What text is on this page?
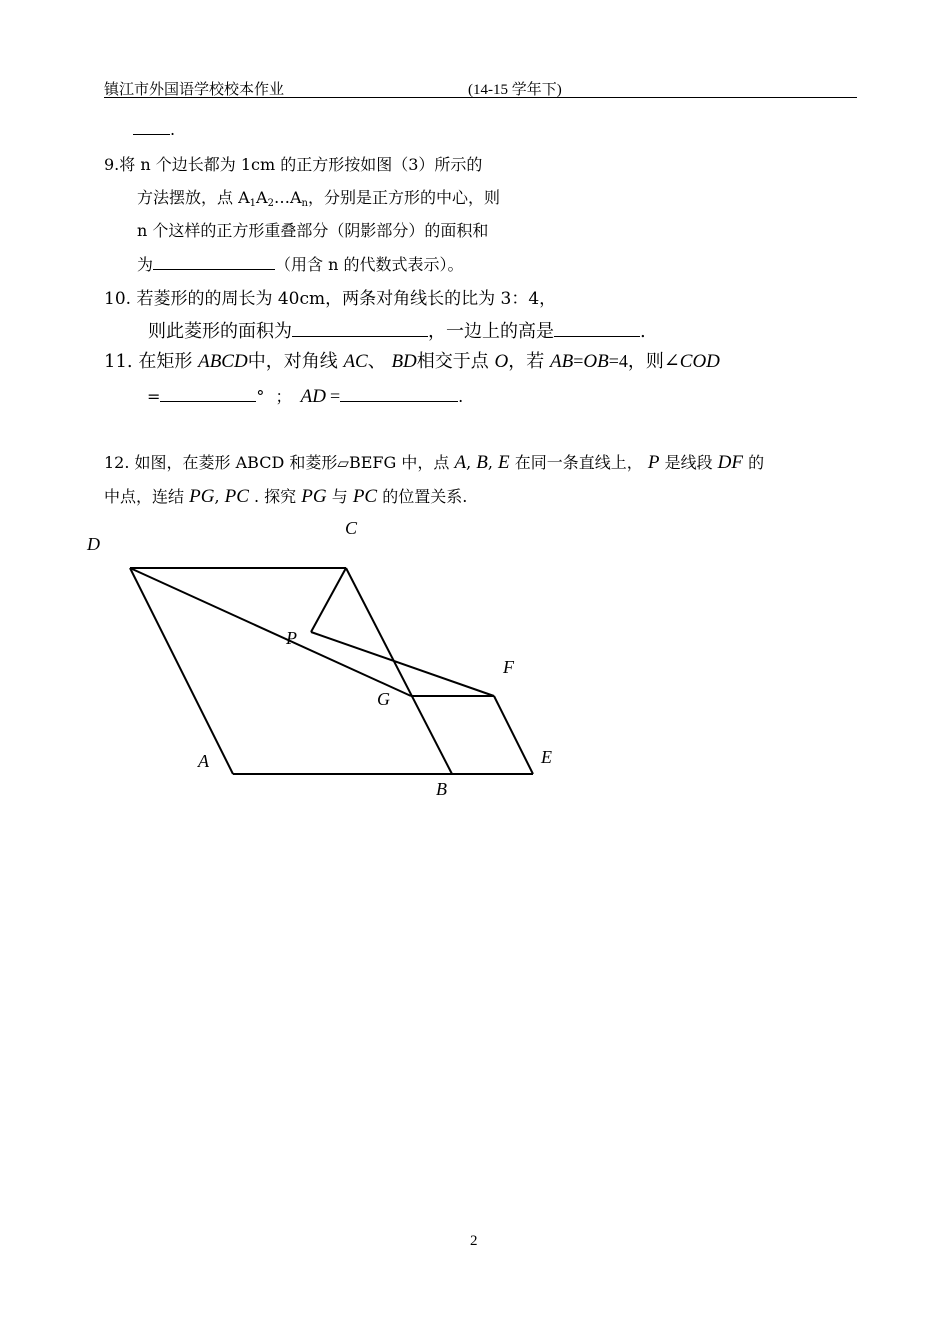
镇江市外国语学校校本作业	(14-15 学年下)
.
9.将 n 个边长都为 1cm 的正方形按如图（3）所示的
方法摆放，点 $A_1A_2\dots A_n$，分别是正方形的中心，则
n 个这样的正方形重叠部分（阴影部分）的面积和
为	（用含 n 的代数式表示）。
10. 若菱形的的周长为 40cm，两条对角线长的比为 3：4，
则此菱形的面积为	，一边上的高是	.
11. 在矩形 ABCD中，对角线 AC、 BD相交于点 O，若 AB=OB=4，则∠COD
=	° ； AD =	.
12. 如图，在菱形 ABCD 和菱形▱BEFG 中，点 A, B, E 在同一条直线上， P 是线段 DF 的
中点，连结 PG, PC . 探究 PG 与 PC 的位置关系.
D
C
P
F
G
A	E
B
2
